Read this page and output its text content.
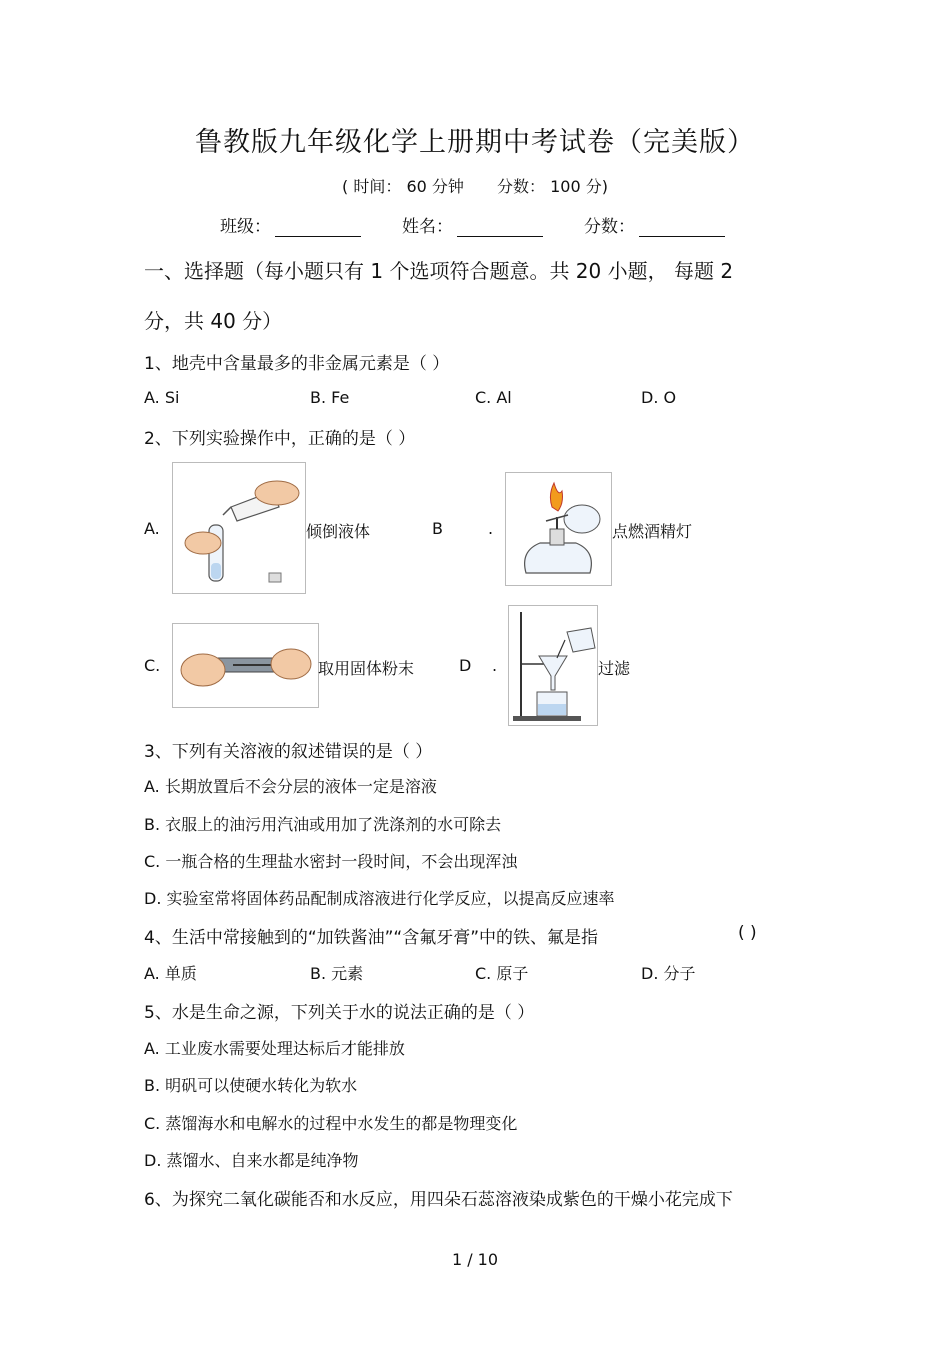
鲁教版九年级化学上册期中考试卷（完美版）
( 时间： 60 分钟 分数： 100 分)
班级：	姓名：	分数：
一、选择题（每小题只有 1 个选项符合题意。共 20 小题， 每题 2
分，共 40 分）
1、地壳中含量最多的非金属元素是（ ）
A. Si	B. Fe	C. Al	D. O
2、下列实验操作中，正确的是（ ）
A.	倾倒液体	B	.	点燃酒精灯
C.	取用固体粉末	D .	过滤
3、下列有关溶液的叙述错误的是（ ）
A. 长期放置后不会分层的液体一定是溶液
B. 衣服上的油污用汽油或用加了洗涤剂的水可除去
C. 一瓶合格的生理盐水密封一段时间，不会出现浑浊
D. 实验室常将固体药品配制成溶液进行化学反应，以提高反应速率
4、生活中常接触到的“加铁酱油”“含氟牙膏”中的铁、氟是指	( )
A. 单质	B. 元素	C. 原子	D. 分子
5、水是生命之源，下列关于水的说法正确的是（ ）
A. 工业废水需要处理达标后才能排放
B. 明矾可以使硬水转化为软水
C. 蒸馏海水和电解水的过程中水发生的都是物理变化
D. 蒸馏水、自来水都是纯净物
6、为探究二氧化碳能否和水反应，用四朵石蕊溶液染成紫色的干燥小花完成下
1 / 10
